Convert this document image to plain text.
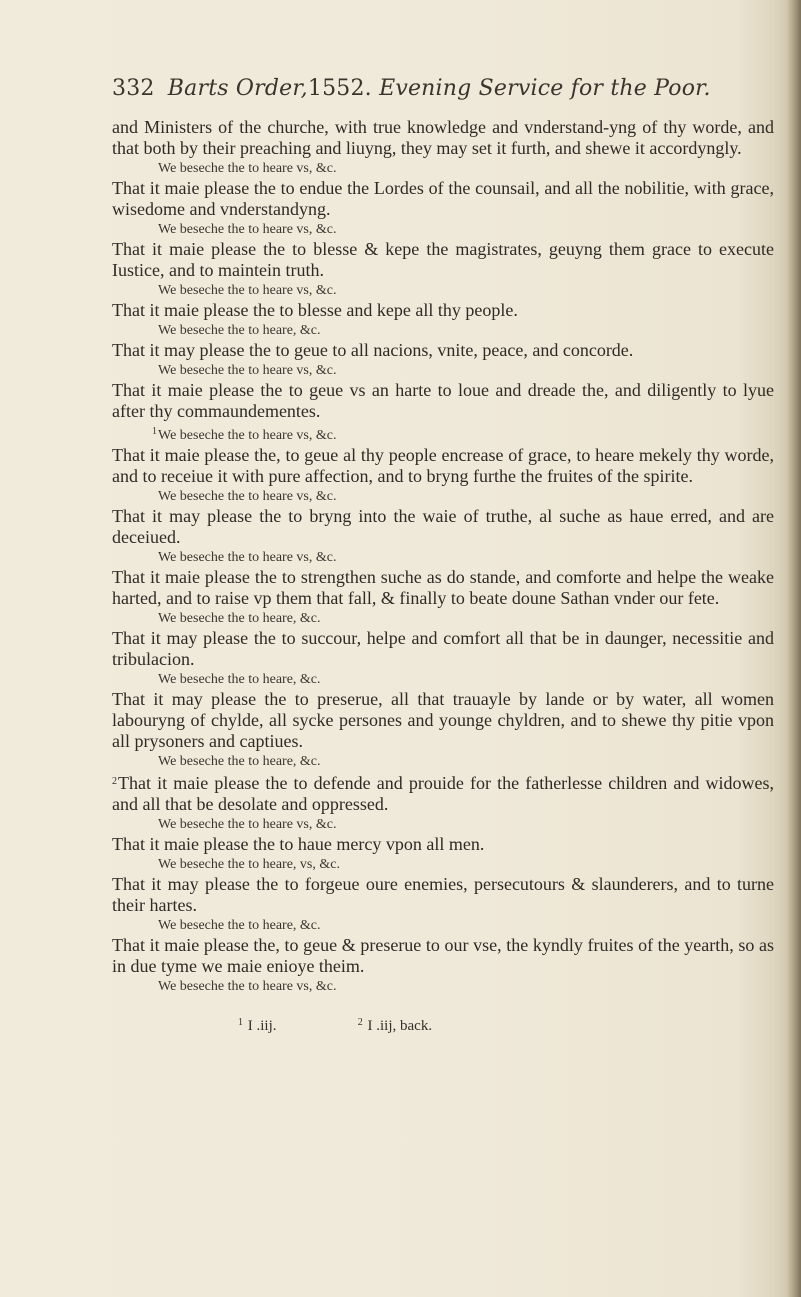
332 Barts Order,1552. Evening Service for the Poor.

and Ministers of the churche, with true knowledge and vnderstand-yng of thy worde, and that both by their preaching and liuyng, they may set it furth, and shewe it accordyngly.

We beseche the to heare vs, &c.

That it maie please the to endue the Lordes of the counsail, and all the nobilitie, with grace, wisedome and vnderstandyng.

We beseche the to heare vs, &c.

That it maie please the to blesse & kepe the magistrates, geuyng them grace to execute Iustice, and to maintein truth.

We beseche the to heare vs, &c.

That it maie please the to blesse and kepe all thy people.

We beseche the to heare, &c.

That it may please the to geue to all nacions, vnite, peace, and concorde.

We beseche the to heare vs, &c.

That it maie please the to geue vs an harte to loue and dreade the, and diligently to lyue after thy commaundementes.

$^1$We beseche the to heare vs, &c.

That it maie please the, to geue al thy people encrease of grace, to heare mekely thy worde, and to receiue it with pure affection, and to bryng furthe the fruites of the spirite.

We beseche the to heare vs, &c.

That it may please the to bryng into the waie of truthe, al suche as haue erred, and are deceiued.

We beseche the to heare vs, &c.

That it maie please the to strengthen suche as do stande, and comforte and helpe the weake harted, and to raise vp them that fall, & finally to beate doune Sathan vnder our fete.

We beseche the to heare, &c.

That it may please the to succour, helpe and comfort all that be in daunger, necessitie and tribulacion.

We beseche the to heare, &c.

That it may please the to preserue, all that trauayle by lande or by water, all women labouryng of chylde, all sycke persones and younge chyldren, and to shewe thy pitie vpon all prysoners and captiues.

We beseche the to heare, &c.

$^2$That it maie please the to defende and prouide for the fatherlesse children and widowes, and all that be desolate and oppressed.

We beseche the to heare vs, &c.

That it maie please the to haue mercy vpon all men.

We beseche the to heare, vs, &c.

That it may please the to forgeue oure enemies, persecutours & slaunderers, and to turne their hartes.

We beseche the to heare, &c.

That it maie please the, to geue & preserue to our vse, the kyndly fruites of the yearth, so as in due tyme we maie enioye theim.

We beseche the to heare vs, &c.

$^1$ I .iij.	$^2$ I .iij, back.
